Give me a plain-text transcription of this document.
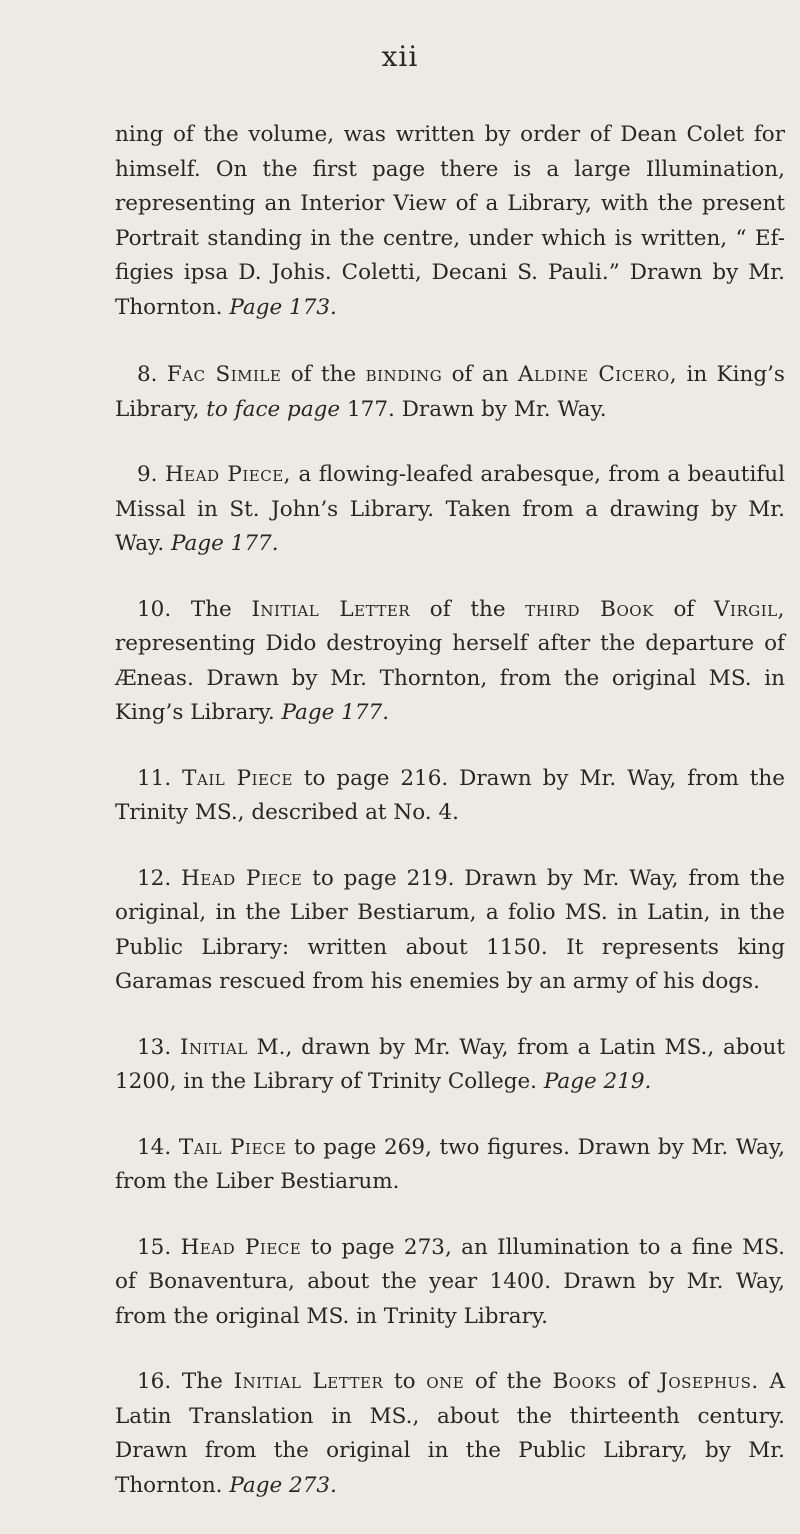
xii

ning of the volume, was written by order of Dean Colet for himself. On the first page there is a large Illumination, representing an Interior View of a Library, with the present Portrait standing in the centre, under which is written, “ Ef-figies ipsa D. Johis. Coletti, Decani S. Pauli.” Drawn by Mr. Thornton. Page 173.

8. Fac Simile of the binding of an Aldine Cicero, in King’s Library, to face page 177. Drawn by Mr. Way.

9. Head Piece, a flowing-leafed arabesque, from a beautiful Missal in St. John’s Library. Taken from a drawing by Mr. Way. Page 177.

10. The Initial Letter of the third Book of Virgil, representing Dido destroying herself after the departure of Æneas. Drawn by Mr. Thornton, from the original MS. in King’s Library. Page 177.

11. Tail Piece to page 216. Drawn by Mr. Way, from the Trinity MS., described at No. 4.

12. Head Piece to page 219. Drawn by Mr. Way, from the original, in the Liber Bestiarum, a folio MS. in Latin, in the Public Library: written about 1150. It represents king Garamas rescued from his enemies by an army of his dogs.

13. Initial M., drawn by Mr. Way, from a Latin MS., about 1200, in the Library of Trinity College. Page 219.

14. Tail Piece to page 269, two figures. Drawn by Mr. Way, from the Liber Bestiarum.

15. Head Piece to page 273, an Illumination to a fine MS. of Bonaventura, about the year 1400. Drawn by Mr. Way, from the original MS. in Trinity Library.

16. The Initial Letter to one of the Books of Josephus. A Latin Translation in MS., about the thirteenth century. Drawn from the original in the Public Library, by Mr. Thornton. Page 273.
